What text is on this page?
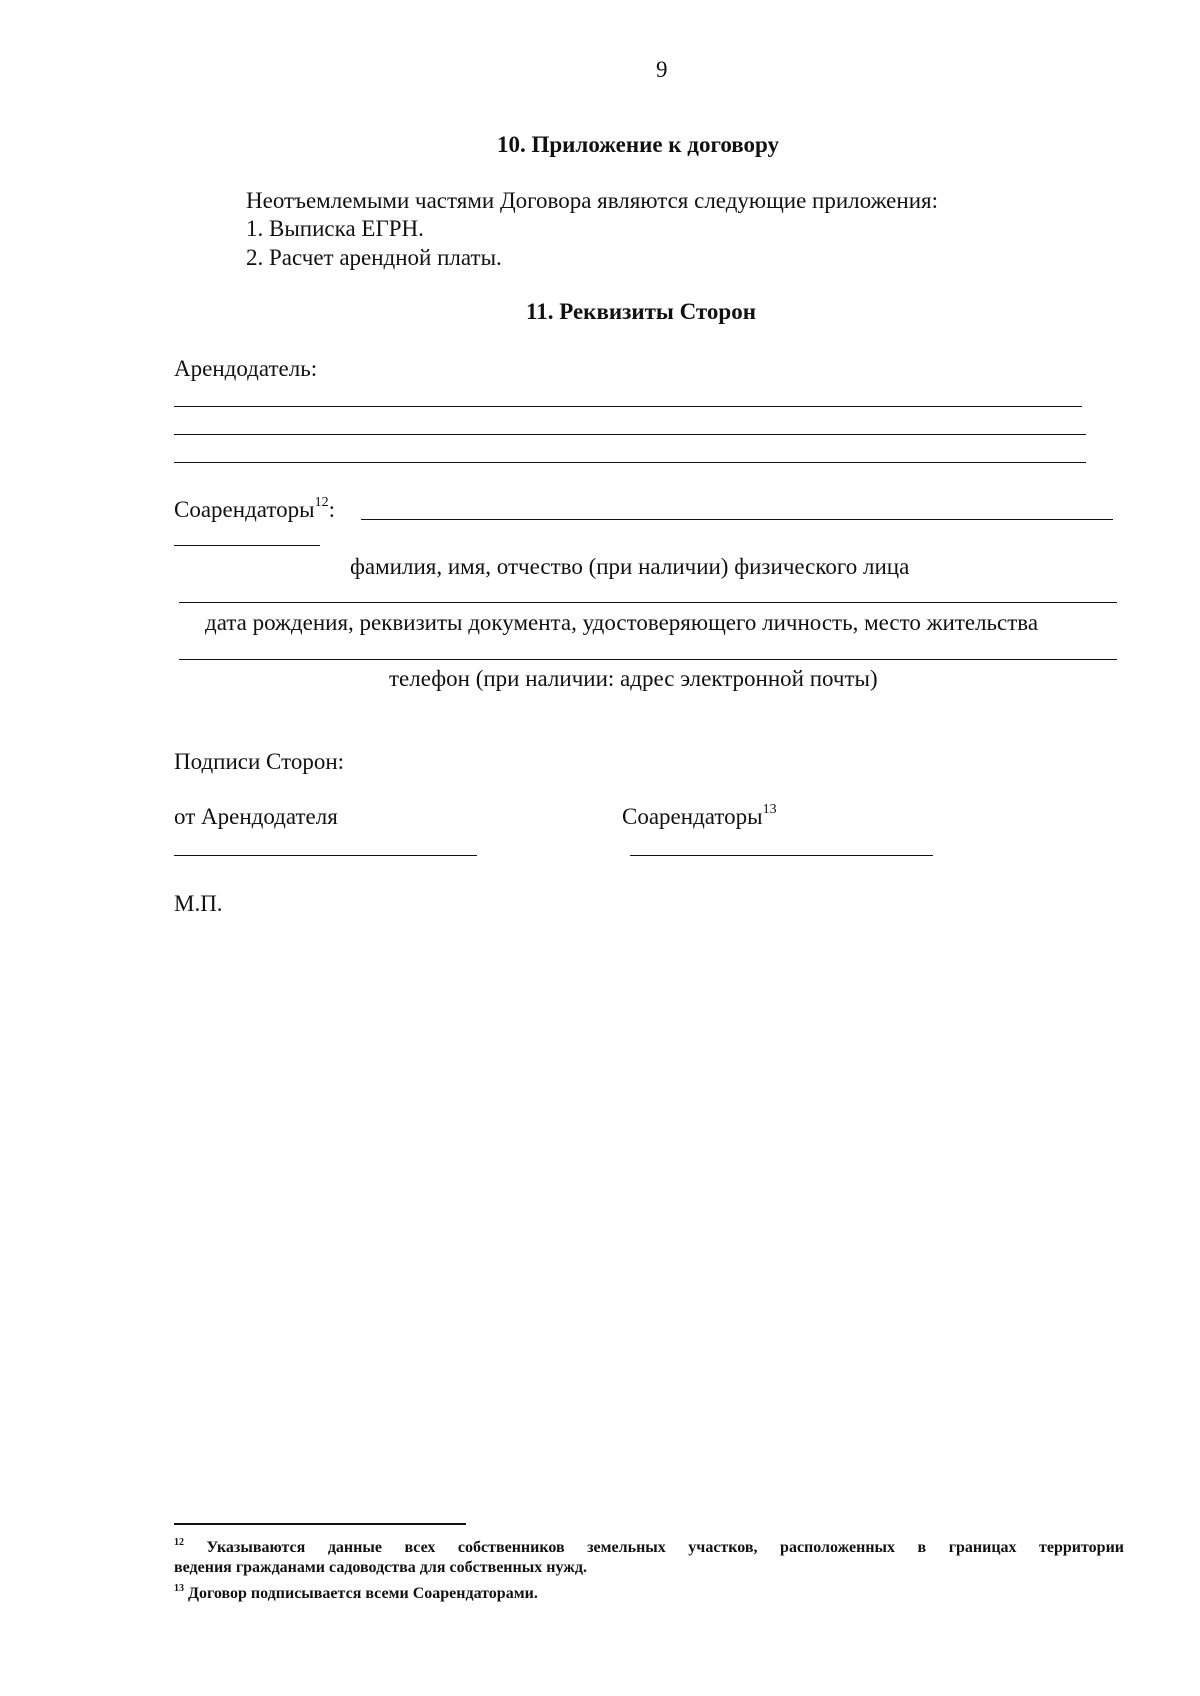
9
10. Приложение к договору
Неотъемлемыми частями Договора являются следующие приложения:
1. Выписка ЕГРН.
2. Расчет арендной платы.
11. Реквизиты Сторон
Арендодатель:
Соарендаторы$^{12}$:
фамилия, имя, отчество (при наличии) физического лица
дата рождения, реквизиты документа, удостоверяющего личность, место жительства
телефон (при наличии: адрес электронной почты)
Подписи Сторон:
от Арендодателя	Соарендаторы$^{13}$
М.П.
$^{12}$ Указываются данные всех собственников земельных участков, расположенных в границах территории
ведения гражданами садоводства для собственных нужд.
$^{13}$ Договор подписывается всеми Соарендаторами.
